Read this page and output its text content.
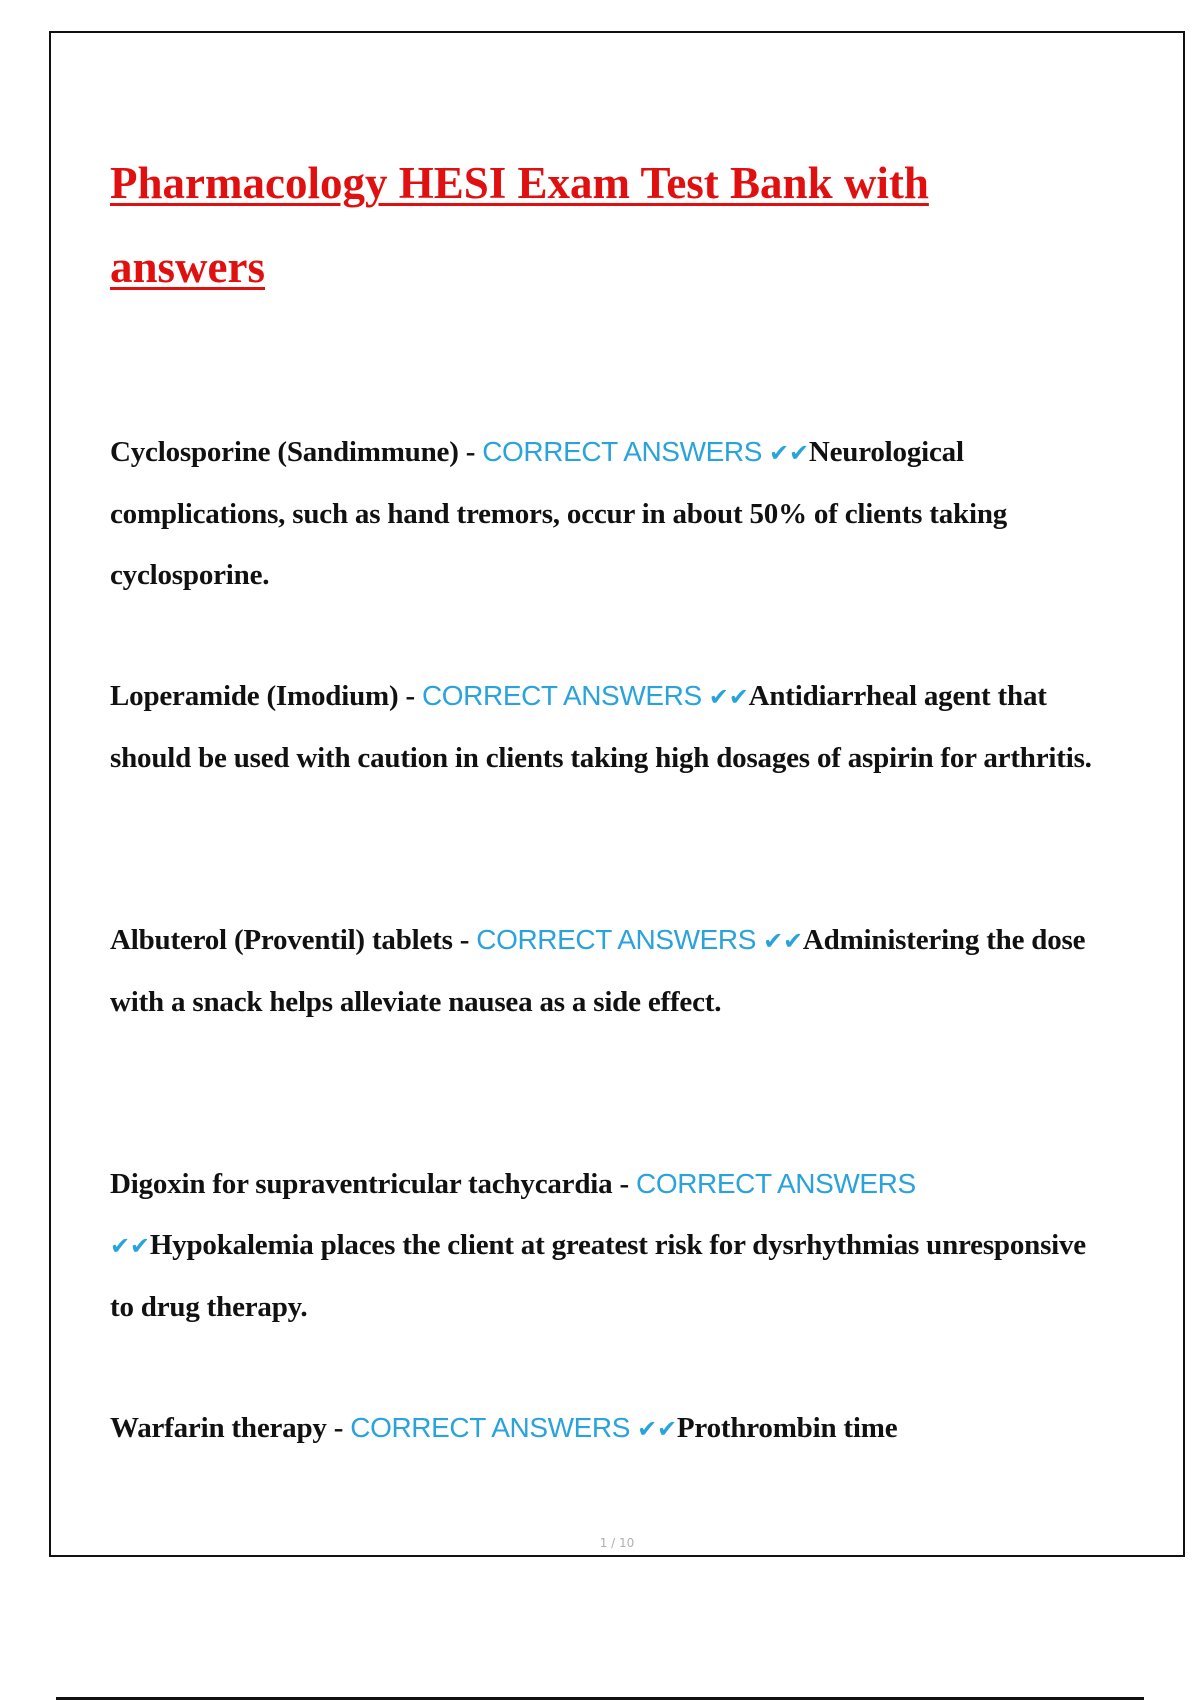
Pharmacology HESI Exam Test Bank with answers

Cyclosporine (Sandimmune) - CORRECT ANSWERS ✔✔Neurological complications, such as hand tremors, occur in about 50% of clients taking cyclosporine.

Loperamide (Imodium) - CORRECT ANSWERS ✔✔Antidiarrheal agent that should be used with caution in clients taking high dosages of aspirin for arthritis.

Albuterol (Proventil) tablets - CORRECT ANSWERS ✔✔Administering the dose with a snack helps alleviate nausea as a side effect.

Digoxin for supraventricular tachycardia - CORRECT ANSWERS ✔✔Hypokalemia places the client at greatest risk for dysrhythmias unresponsive to drug therapy.

Warfarin therapy - CORRECT ANSWERS ✔✔Prothrombin time

1 / 10
